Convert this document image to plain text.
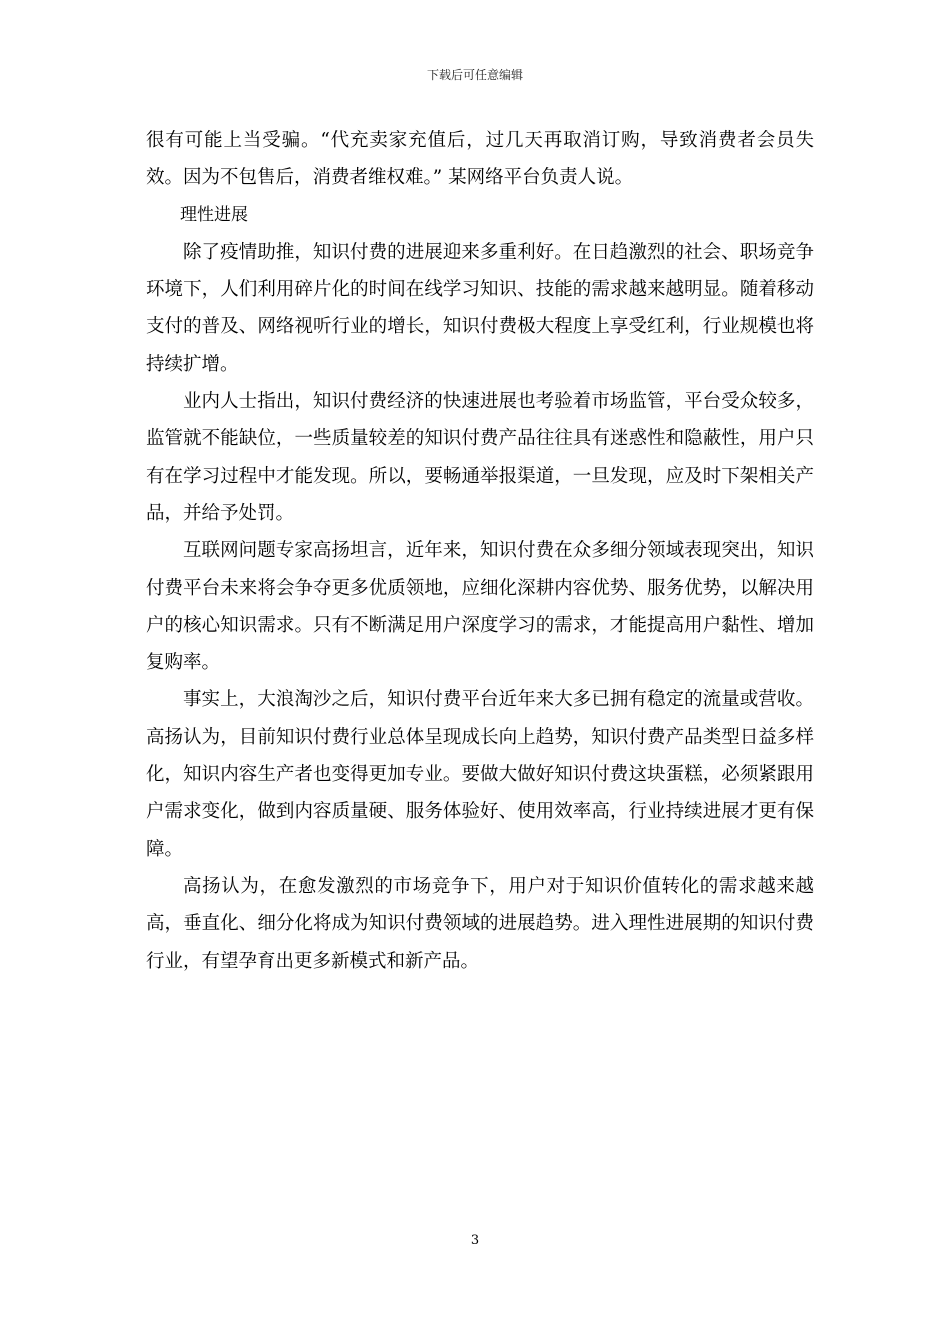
下载后可任意编辑

很有可能上当受骗。“代充卖家充值后，过几天再取消订购，导致消费者会员失效。因为不包售后，消费者维权难。” 某网络平台负责人说。

理性进展

除了疫情助推，知识付费的进展迎来多重利好。在日趋激烈的社会、职场竞争环境下，人们利用碎片化的时间在线学习知识、技能的需求越来越明显。随着移动支付的普及、网络视听行业的增长，知识付费极大程度上享受红利，行业规模也将持续扩增。

业内人士指出，知识付费经济的快速进展也考验着市场监管，平台受众较多，监管就不能缺位，一些质量较差的知识付费产品往往具有迷惑性和隐蔽性，用户只有在学习过程中才能发现。所以，要畅通举报渠道，一旦发现，应及时下架相关产品，并给予处罚。

互联网问题专家高扬坦言，近年来，知识付费在众多细分领域表现突出，知识付费平台未来将会争夺更多优质领地，应细化深耕内容优势、服务优势，以解决用户的核心知识需求。只有不断满足用户深度学习的需求，才能提高用户黏性、增加复购率。

事实上，大浪淘沙之后，知识付费平台近年来大多已拥有稳定的流量或营收。高扬认为，目前知识付费行业总体呈现成长向上趋势，知识付费产品类型日益多样化，知识内容生产者也变得更加专业。要做大做好知识付费这块蛋糕，必须紧跟用户需求变化，做到内容质量硬、服务体验好、使用效率高，行业持续进展才更有保障。

高扬认为，在愈发激烈的市场竞争下，用户对于知识价值转化的需求越来越高，垂直化、细分化将成为知识付费领域的进展趋势。进入理性进展期的知识付费行业，有望孕育出更多新模式和新产品。

3
